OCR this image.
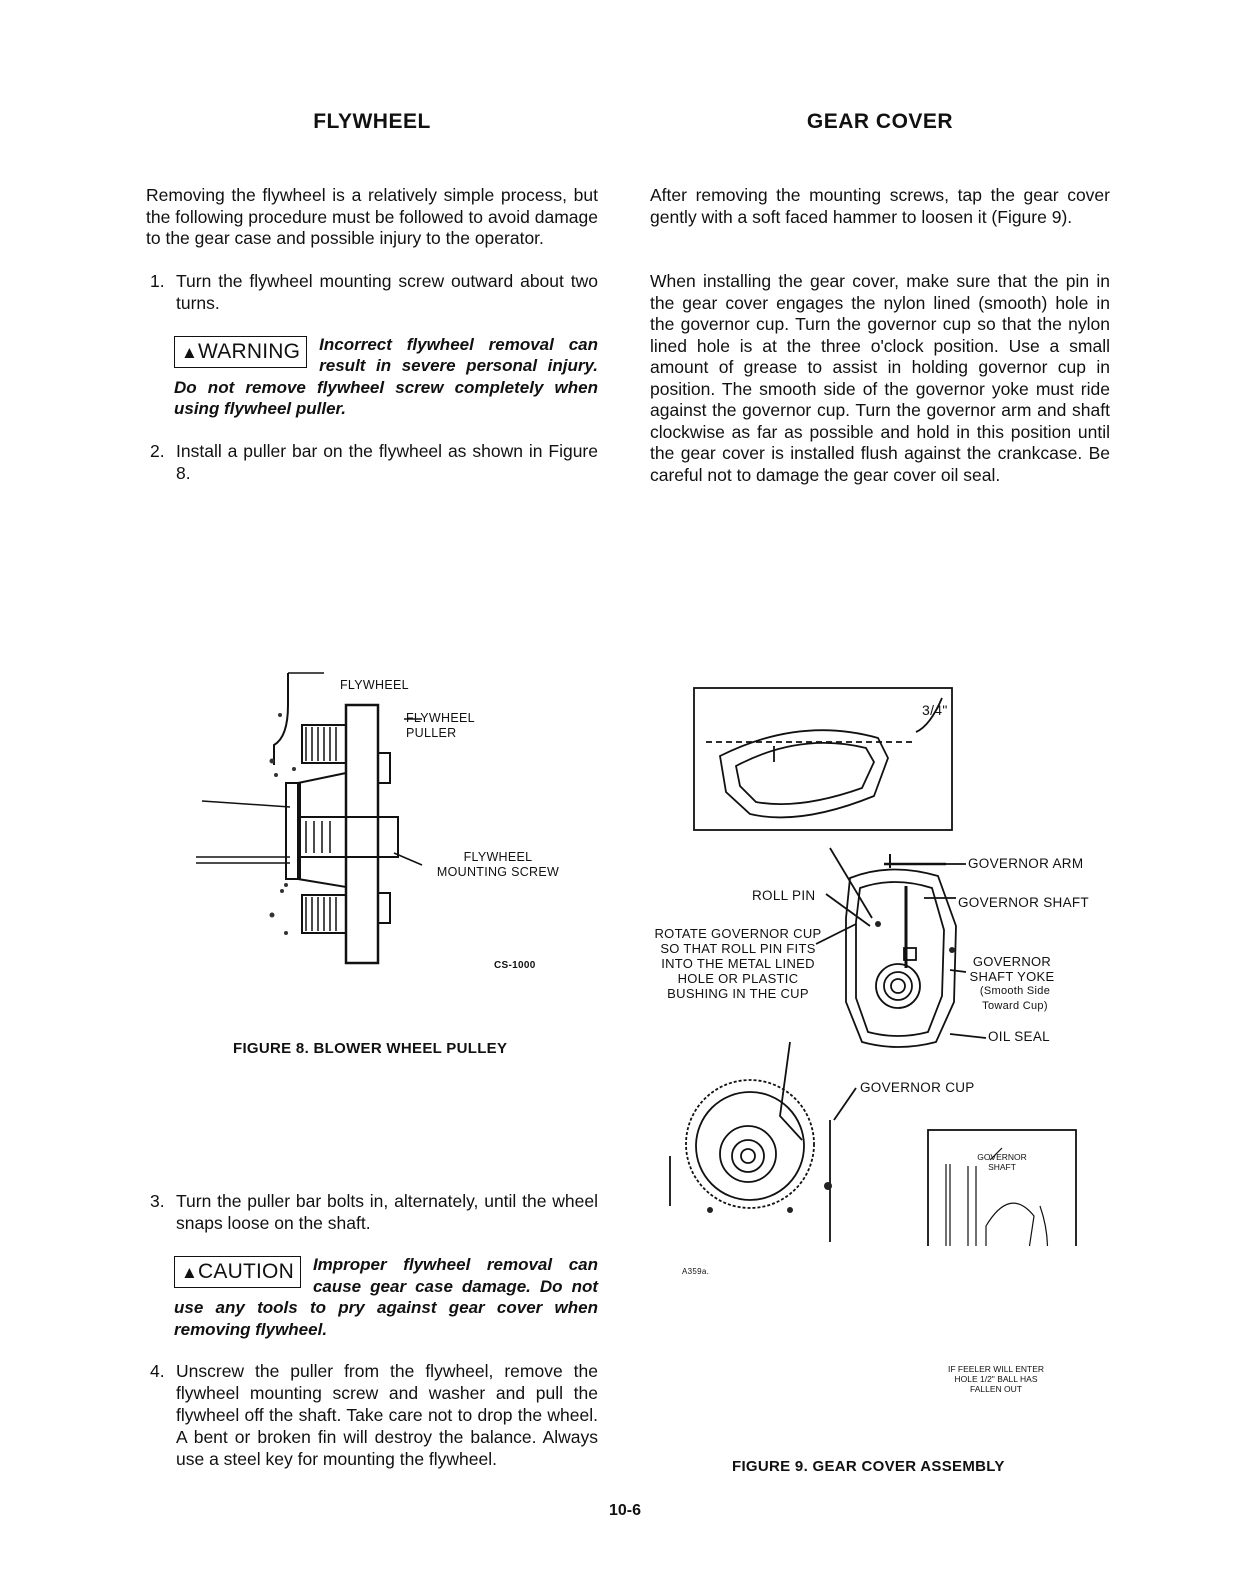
FLYWHEEL

Removing the flywheel is a relatively simple process, but the following procedure must be followed to avoid damage to the gear case and possible injury to the operator.

1. Turn the flywheel mounting screw outward about two turns.
▲WARNING	Incorrect flywheel removal can result in severe personal injury. Do not remove flywheel screw completely when using flywheel puller.
2. Install a puller bar on the flywheel as shown in Figure 8.
3. Turn the puller bar bolts in, alternately, until the wheel snaps loose on the shaft.
▲CAUTION	Improper flywheel removal can cause gear case damage. Do not use any tools to pry against gear cover when removing flywheel.
4. Unscrew the puller from the flywheel, remove the flywheel mounting screw and washer and pull the flywheel off the shaft. Take care not to drop the wheel. A bent or broken fin will destroy the balance. Always use a steel key for mounting the flywheel.
GEAR COVER

After removing the mounting screws, tap the gear cover gently with a soft faced hammer to loosen it (Figure 9).

When installing the gear cover, make sure that the pin in the gear cover engages the nylon lined (smooth) hole in the governor cup. Turn the governor cup so that the nylon lined hole is at the three o'clock position. Use a small amount of grease to assist in holding governor cup in position. The smooth side of the governor yoke must ride against the governor cup. Turn the governor arm and shaft clockwise as far as possible and hold in this position until the gear cover is installed flush against the crankcase. Be careful not to damage the gear cover oil seal.

FLYWHEEL
FLYWHEEL PULLER
FLYWHEEL MOUNTING SCREW
CS-1000
FIGURE 8. BLOWER WHEEL PULLEY
3/4"
GOVERNOR ARM
ROLL PIN	GOVERNOR SHAFT
ROTATE GOVERNOR CUP SO THAT ROLL PIN FITS INTO THE METAL LINED HOLE OR PLASTIC BUSHING IN THE CUP
GOVERNOR SHAFT YOKE
(Smooth Side Toward Cup)
OIL SEAL
GOVERNOR CUP
A359a.
GOVERNOR SHAFT
IF FEELER WILL ENTER HOLE 1/2" BALL HAS FALLEN OUT
FIGURE 9. GEAR COVER ASSEMBLY
10-6
